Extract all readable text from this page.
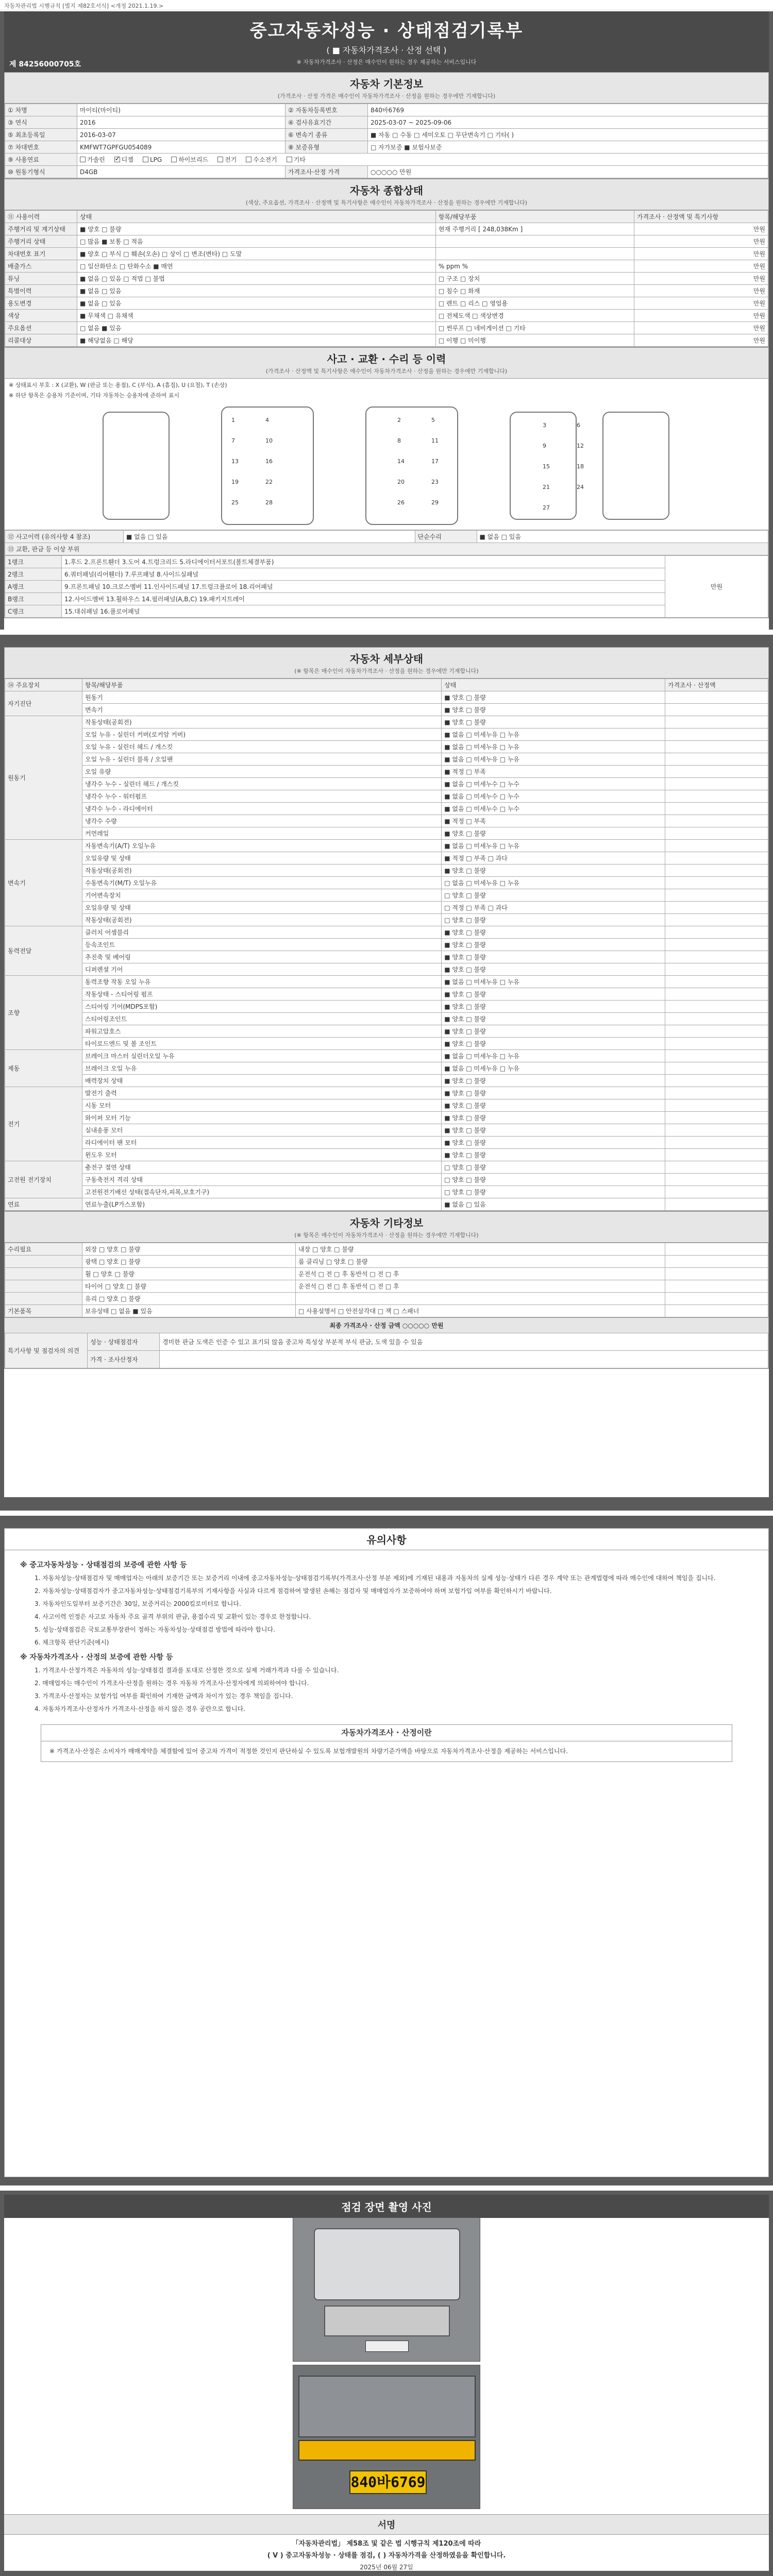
자동차관리법 시행규칙 [별지 제82호서식] <개정 2021.1.19.>
중고자동차성능 · 상태점검기록부
( ■ 자동차가격조사 · 산정 선택 )
※ 자동차가격조사 · 산정은 매수인이 원하는 경우 제공하는 서비스입니다
제 84256000705호
자동차 기본정보
(가격조사 · 산정 가격은 매수인이 자동차가격조사 · 산정을 원하는 경우에만 기재합니다)
① 차명	마이티(마이티)	② 자동차등록번호	840바6769
③ 연식	2016	④ 검사유효기간	2025-03-07 ~ 2025-09-06
⑤ 최초등록일	2016-03-07	⑥ 변속기 종류	■ 자동 □ 수동 □ 세미오토 □ 무단변속기 □ 기타( )
⑦ 차대번호	KMFWT7GPFGU054089	⑧ 보증유형	□ 자가보증 ■ 보험사보증
⑨ 사용연료	가솔린 ✓ 디젤 LPG 하이브리드 전기 수소전기 기타
⑩ 원동기형식	D4GB	가격조사·산정 가격	○○○○○ 만원
자동차 종합상태
(색상, 주요옵션, 가격조사 · 산정액 및 특기사항은 매수인이 자동차가격조사 · 산정을 원하는 경우에만 기재합니다)
⑪ 사용이력	상태	항목/해당부품	가격조사 · 산정액 및 특기사항
주행거리 및 계기상태	■ 양호 □ 불량	현재 주행거리 [ 248,038Km ]	만원
주행거리 상태	□ 많음 ■ 보통 □ 적음		만원
차대번호 표기	■ 양호 □ 부식 □ 훼손(오손) □ 상이 □ 변조(변타) □ 도말		만원
배출가스	□ 일산화탄소 □ 탄화수소 ■ 매연	% ppm %	만원
튜닝	■ 없음 □ 있음 □ 적법 □ 불법	□ 구조 □ 장치	만원
특별이력	■ 없음 □ 있음	□ 침수 □ 화재	만원
용도변경	■ 없음 □ 있음	□ 렌트 □ 리스 □ 영업용	만원
색상	■ 무채색 □ 유채색	□ 전체도색 □ 색상변경	만원
주요옵션	□ 없음 ■ 있음	□ 썬루프 □ 네비게이션 □ 기타	만원
리콜대상	■ 해당없음 □ 해당	□ 이행 □ 미이행	만원
사고 · 교환 · 수리 등 이력
(가격조사 · 산정액 및 특기사항은 매수인이 자동차가격조사 · 산정을 원하는 경우에만 기재합니다)
※ 상태표시 부호 : X (교환), W (판금 또는 용접), C (부식), A (흠집), U (요철), T (손상)
※ 하단 항목은 승용차 기준이며, 기타 자동차는 승용차에 준하여 표시
1	2
3
4	5
6
7	8
9
10	11
12
13	14
15
16	17
18
19	20
21
22	23
24
25	26
27
28	29
⑫ 사고이력 (유의사항 4 참조)	■ 없음 □ 있음	단순수리	■ 없음 □ 있음
⑬ 교환, 판금 등 이상 부위
1랭크	1.후드 2.프론트휀더 3.도어 4.트렁크리드 5.라디에이터서포트(볼트체결부품)	만원
2랭크	6.쿼터패널(리어휀더) 7.루프패널 8.사이드실패널	
A랭크	9.프론트패널 10.크로스멤버 11.인사이드패널 17.트렁크플로어 18.리어패널	
B랭크	12.사이드멤버 13.휠하우스 14.필러패널(A,B,C) 19.패키지트레이	
C랭크	15.대쉬패널 16.플로어패널	
자동차 세부상태
(※ 항목은 매수인이 자동차가격조사 · 산정을 원하는 경우에만 기재합니다)
⑭ 주요장치	항목/해당부품	상태	가격조사 · 산정액
자기진단	원동기	■ 양호 □ 불량	
	변속기	■ 양호 □ 불량	
원동기	작동상태(공회전)	■ 양호 □ 불량	
	오일 누유 - 실린더 커버(로커암 커버)	■ 없음 □ 미세누유 □ 누유	
	오일 누유 - 실린더 헤드 / 개스킷	■ 없음 □ 미세누유 □ 누유	
	오일 누유 - 실린더 블록 / 오일팬	■ 없음 □ 미세누유 □ 누유	
	오일 유량	■ 적정 □ 부족	
	냉각수 누수 - 실린더 헤드 / 개스킷	■ 없음 □ 미세누수 □ 누수	
	냉각수 누수 - 워터펌프	■ 없음 □ 미세누수 □ 누수	
	냉각수 누수 - 라디에이터	■ 없음 □ 미세누수 □ 누수	
	냉각수 수량	■ 적정 □ 부족	
	커먼레일	■ 양호 □ 불량	
변속기	자동변속기(A/T) 오일누유	■ 없음 □ 미세누유 □ 누유	
	오일유량 및 상태	■ 적정 □ 부족 □ 과다	
	작동상태(공회전)	■ 양호 □ 불량	
	수동변속기(M/T) 오일누유	□ 없음 □ 미세누유 □ 누유	
	기어변속장치	□ 양호 □ 불량	
	오일유량 및 상태	□ 적정 □ 부족 □ 과다	
	작동상태(공회전)	□ 양호 □ 불량	
동력전달	클러치 어셈블리	■ 양호 □ 불량	
	등속조인트	■ 양호 □ 불량	
	추진축 및 베어링	■ 양호 □ 불량	
	디퍼렌셜 기어	■ 양호 □ 불량	
조향	동력조향 작동 오일 누유	■ 없음 □ 미세누유 □ 누유	
	작동상태 - 스티어링 펌프	■ 양호 □ 불량	
	스티어링 기어(MDPS포함)	■ 양호 □ 불량	
	스티어링조인트	■ 양호 □ 불량	
	파워고압호스	■ 양호 □ 불량	
	타이로드엔드 및 볼 조인트	■ 양호 □ 불량	
제동	브레이크 마스터 실린더오일 누유	■ 없음 □ 미세누유 □ 누유	
	브레이크 오일 누유	■ 없음 □ 미세누유 □ 누유	
	배력장치 상태	■ 양호 □ 불량	
전기	발전기 출력	■ 양호 □ 불량	
	시동 모터	■ 양호 □ 불량	
	와이퍼 모터 기능	■ 양호 □ 불량	
	실내송풍 모터	■ 양호 □ 불량	
	라디에이터 팬 모터	■ 양호 □ 불량	
	윈도우 모터	■ 양호 □ 불량	
고전원 전기장치	충전구 절연 상태	□ 양호 □ 불량	
	구동축전지 격리 상태	□ 양호 □ 불량	
	고전원전기배선 상태(접속단자,피복,보호기구)	□ 양호 □ 불량	
연료	연료누출(LP가스포함)	■ 없음 □ 있음	
자동차 기타정보
(※ 항목은 매수인이 자동차가격조사 · 산정을 원하는 경우에만 기재합니다)
수리필요	외장 □ 양호 □ 불량	내장 □ 양호 □ 불량	
	광택 □ 양호 □ 불량	룸 클리닝 □ 양호 □ 불량	
	휠 □ 양호 □ 불량	운전석 □ 전 □ 후 동반석 □ 전 □ 후	
	타이어 □ 양호 □ 불량	운전석 □ 전 □ 후 동반석 □ 전 □ 후	
	유리 □ 양호 □ 불량		
기본품목	보유상태 □ 없음 ■ 있음	□ 사용설명서 □ 안전삼각대 □ 잭 □ 스패너	
최종 가격조사 · 산정 금액 ○○○○○ 만원
특기사항 및 점검자의 의견	성능 · 상태점검자	경미한 판금 도색은 인증 수 있고 표기되 않음 중고차 특성상 부분적 부식 판금, 도색 있을 수 있음
	가격 · 조사산정자	
유의사항
※ 중고자동차성능 · 상태점검의 보증에 관한 사항 등
1. 자동차성능·상태점검자 및 매매업자는 아래의 보증기간 또는 보증거리 이내에 중고자동차성능·상태점검기록부(가격조사·산정 부분 제외)에 기재된 내용과 자동차의 실제 성능·상태가 다른 경우 계약 또는 관계법령에 따라 매수인에 대하여 책임을 집니다.
2. 자동차성능·상태점검자가 중고자동차성능·상태점검기록부의 기재사항을 사실과 다르게 점검하여 발생된 손해는 점검자 및 매매업자가 보증하여야 하며 보험가입 여부를 확인하시기 바랍니다.
3. 자동차인도일부터 보증기간은 30일, 보증거리는 2000킬로미터로 합니다.
4. 사고이력 인정은 사고로 자동차 주요 골격 부위의 판금, 용접수리 및 교환이 있는 경우로 한정합니다.
5. 성능·상태점검은 국토교통부장관이 정하는 자동차성능·상태점검 방법에 따라야 합니다.
6. 체크항목 판단기준(예시)
※ 자동차가격조사 · 산정의 보증에 관한 사항 등
1. 가격조사·산정가격은 자동차의 성능·상태점검 결과를 토대로 산정한 것으로 실제 거래가격과 다를 수 있습니다.
2. 매매업자는 매수인이 가격조사·산정을 원하는 경우 자동차 가격조사·산정자에게 의뢰하여야 합니다.
3. 가격조사·산정자는 보험가입 여부를 확인하여 기재한 금액과 차이가 있는 경우 책임을 집니다.
4. 자동차가격조사·산정자가 가격조사·산정을 하지 않은 경우 공란으로 합니다.
자동차가격조사 · 산정이란
※ 가격조사·산정은 소비자가 매매계약을 체결함에 있어 중고차 가격이 적정한 것인지 판단하실 수 있도록 보험개발원의 차량기준가액을 바탕으로 자동차가격조사·산정을 제공하는 서비스입니다.
점검 장면 촬영 사진
840바6769
서명
「자동차관리법」 제58조 및 같은 법 시행규칙 제120조에 따라
( V ) 중고자동차성능 · 상태를 점검, ( ) 자동차가격을 산정하였음을 확인합니다.
2025년 06월 27일
